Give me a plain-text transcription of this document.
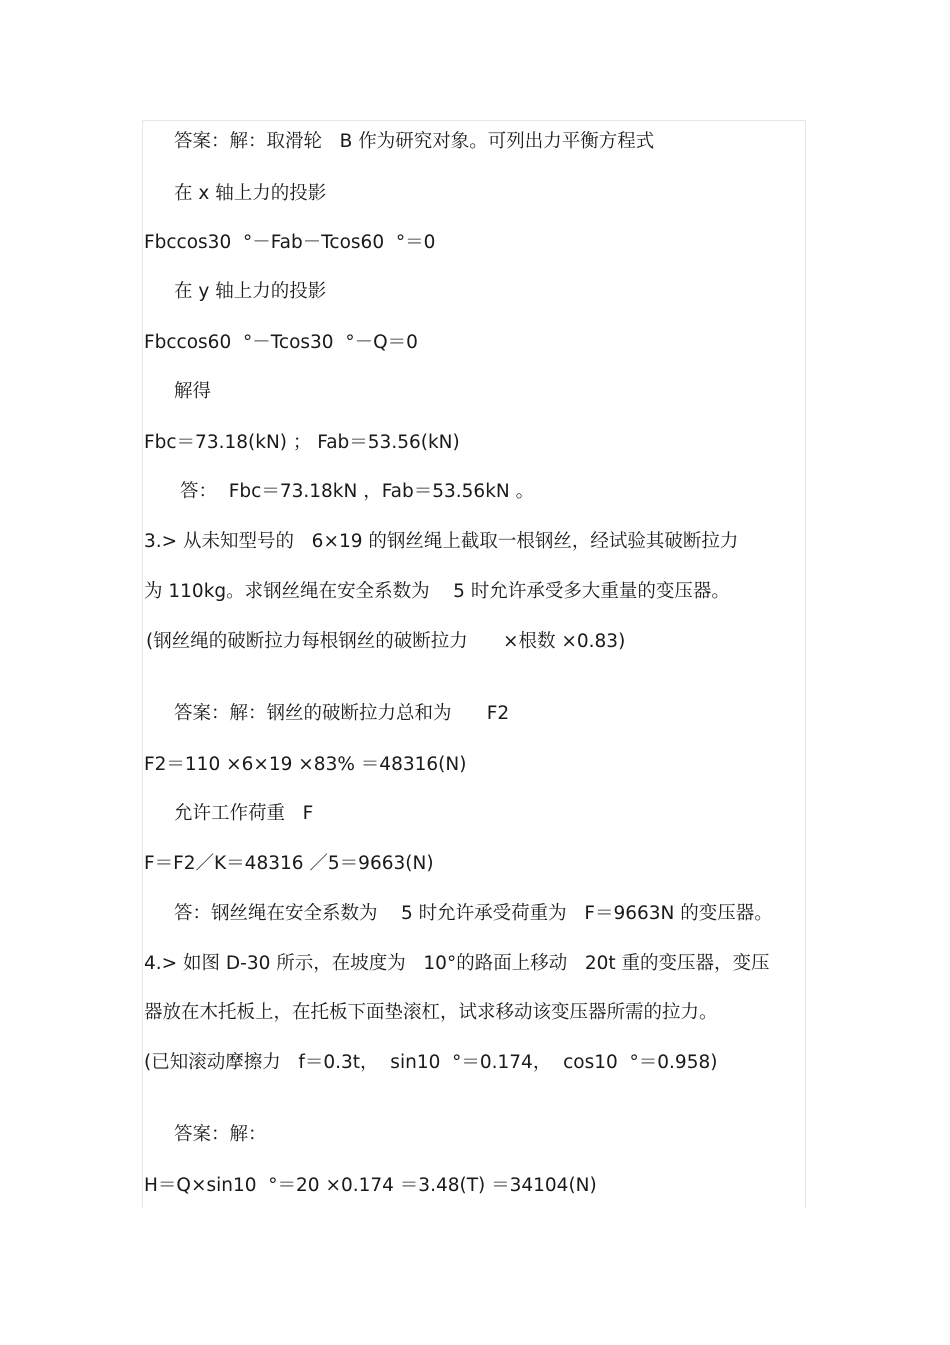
答案：解：取滑轮   B 作为研究对象。可列出力平衡方程式
在 x 轴上力的投影
Fbccos30  °－Fab－Tcos60  °＝0
在 y 轴上力的投影
Fbccos60  °－Tcos30  °－Q＝0
解得
Fbc＝73.18(kN) ； Fab＝53.56(kN)
答：  Fbc＝73.18kN ，Fab＝53.56kN 。
3.> 从未知型号的   6×19 的钢丝绳上截取一根钢丝，经试验其破断拉力
为 110kg。求钢丝绳在安全系数为    5 时允许承受多大重量的变压器。
(钢丝绳的破断拉力每根钢丝的破断拉力      ×根数 ×0.83)
答案：解：钢丝的破断拉力总和为      F2
F2＝110 ×6×19 ×83% ＝48316(N)
允许工作荷重   F
F＝F2／K＝48316 ／5＝9663(N)
答：钢丝绳在安全系数为    5 时允许承受荷重为   F＝9663N 的变压器。
4.> 如图 D-30 所示，在坡度为   10°的路面上移动   20t 重的变压器，变压
器放在木托板上，在托板下面垫滚杠，试求移动该变压器所需的拉力。
(已知滚动摩擦力   f＝0.3t，  sin10  °＝0.174，  cos10  °＝0.958)
答案：解：
H＝Q×sin10  °＝20 ×0.174 ＝3.48(T) ＝34104(N)
